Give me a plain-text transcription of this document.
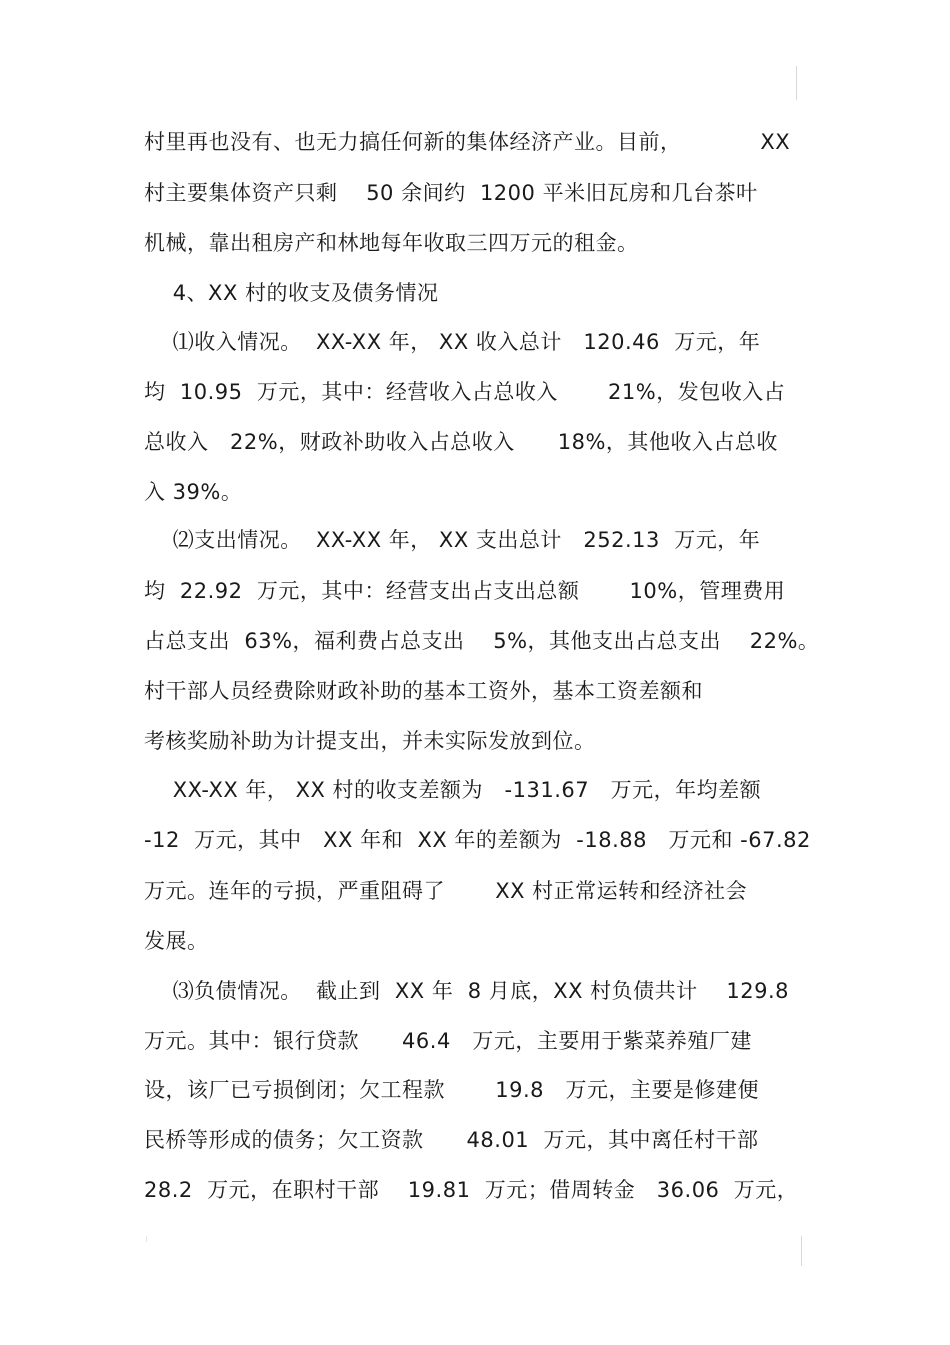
村里再也没有、也无力搞任何新的集体经济产业。目前，           XX
村主要集体资产只剩    50 余间约  1200 平米旧瓦房和几台茶叶
机械，靠出租房产和林地每年收取三四万元的租金。
4、XX 村的收支及债务情况
⑴收入情况。  XX-XX 年， XX 收入总计   120.46  万元，年
均  10.95  万元，其中：经营收入占总收入       21%，发包收入占
总收入   22%，财政补助收入占总收入      18%，其他收入占总收
入 39%。
⑵支出情况。  XX-XX 年， XX 支出总计   252.13  万元，年
均  22.92  万元，其中：经营支出占支出总额       10%，管理费用
占总支出  63%，福利费占总支出    5%，其他支出占总支出    22%。
村干部人员经费除财政补助的基本工资外，基本工资差额和
考核奖励补助为计提支出，并未实际发放到位。
XX-XX 年， XX 村的收支差额为   -131.67   万元，年均差额
-12  万元，其中   XX 年和  XX 年的差额为  -18.88   万元和 -67.82
万元。连年的亏损，严重阻碍了       XX 村正常运转和经济社会
发展。
⑶负债情况。  截止到  XX 年  8 月底，XX 村负债共计    129.8
万元。其中：银行贷款      46.4   万元，主要用于紫菜养殖厂建
设，该厂已亏损倒闭；欠工程款       19.8   万元，主要是修建便
民桥等形成的债务；欠工资款      48.01  万元，其中离任村干部
28.2  万元，在职村干部    19.81  万元；借周转金   36.06  万元，
